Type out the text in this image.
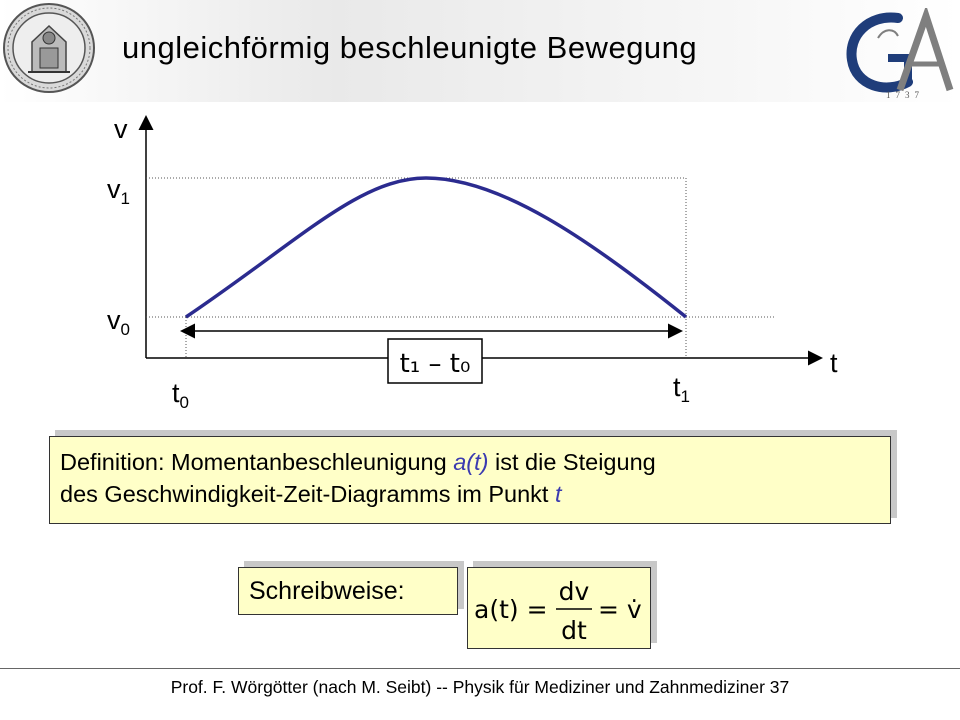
ungleichförmig beschleunigte Bewegung
1737
t₁ – t₀
v
t
$v_1$
$v_0$
$t_0$
$t_1$
Definition: Momentanbeschleunigung a(t) ist die Steigung
des Geschwindigkeit-Zeit-Diagramms im Punkt t
Schreibweise:
a(t) =
dv
dt
= v̇
Prof. F. Wörgötter (nach M. Seibt) -- Physik für Mediziner und Zahnmediziner 37
